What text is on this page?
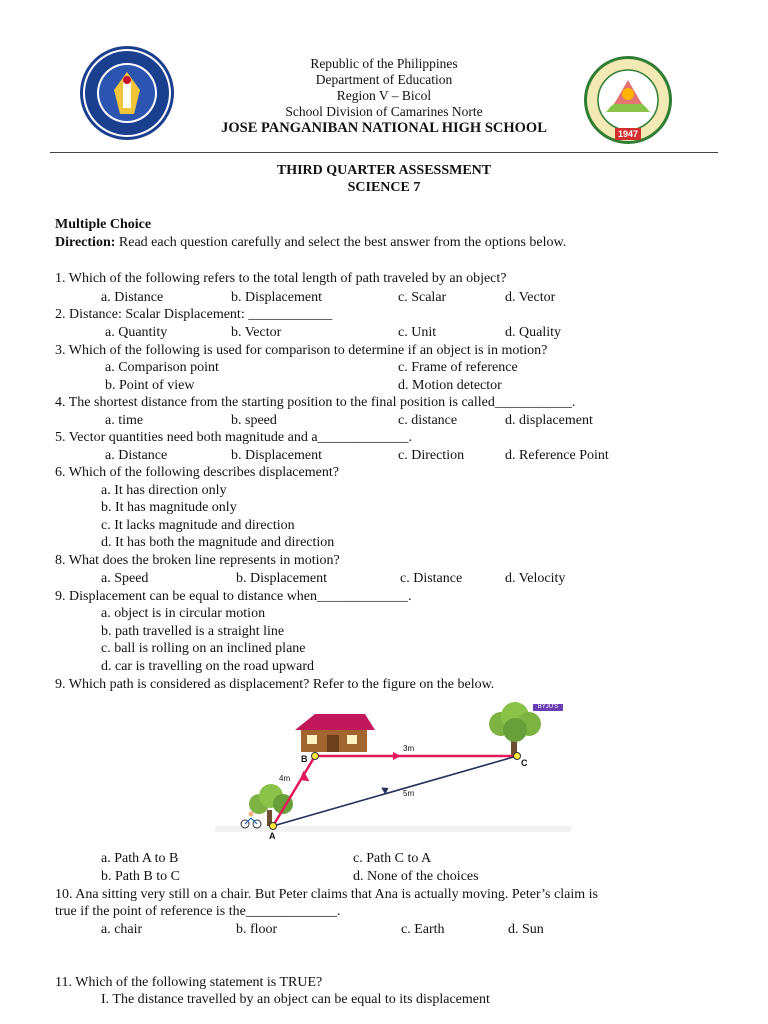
1947
Republic of the Philippines
Department of Education
Region V – Bicol
School Division of Camarines Norte
JOSE PANGANIBAN NATIONAL HIGH SCHOOL
THIRD QUARTER ASSESSMENT
SCIENCE 7
Multiple Choice
Direction: Read each question carefully and select the best answer from the options below.
1. Which of the following refers to the total length of path traveled by an object?
a. Distance	b. Displacement	c. Scalar	d. Vector
2. Distance: Scalar Displacement: ____________
a. Quantity	b. Vector	c. Unit	d. Quality
3. Which of the following is used for comparison to determine if an object is in motion?
a. Comparison point	c. Frame of reference
b. Point of view	d. Motion detector
4. The shortest distance from the starting position to the final position is called___________.
a. time	b. speed	c. distance	d. displacement
5. Vector quantities need both magnitude and a_____________.
a. Distance	b. Displacement	c. Direction	d. Reference Point
6. Which of the following describes displacement?
a. It has direction only
b. It has magnitude only
c. It lacks magnitude and direction
d. It has both the magnitude and direction
8. What does the broken line represents in motion?
a. Speed	b. Displacement	c. Distance	d. Velocity
9. Displacement can be equal to distance when_____________.
a. object is in circular motion
b. path travelled is a straight line
c. ball is rolling on an inclined plane
d. car is travelling on the road upward
9. Which path is considered as displacement? Refer to the figure on the below.
BYJU'S
A
B	C
4m
3m
5m
a. Path A to B	c. Path C to A
b. Path B to C	d. None of the choices
10. Ana sitting very still on a chair. But Peter claims that Ana is actually moving. Peter’s claim is
true if the point of reference is the_____________.
a. chair	b. floor	c. Earth	d. Sun
11. Which of the following statement is TRUE?
I. The distance travelled by an object can be equal to its displacement
